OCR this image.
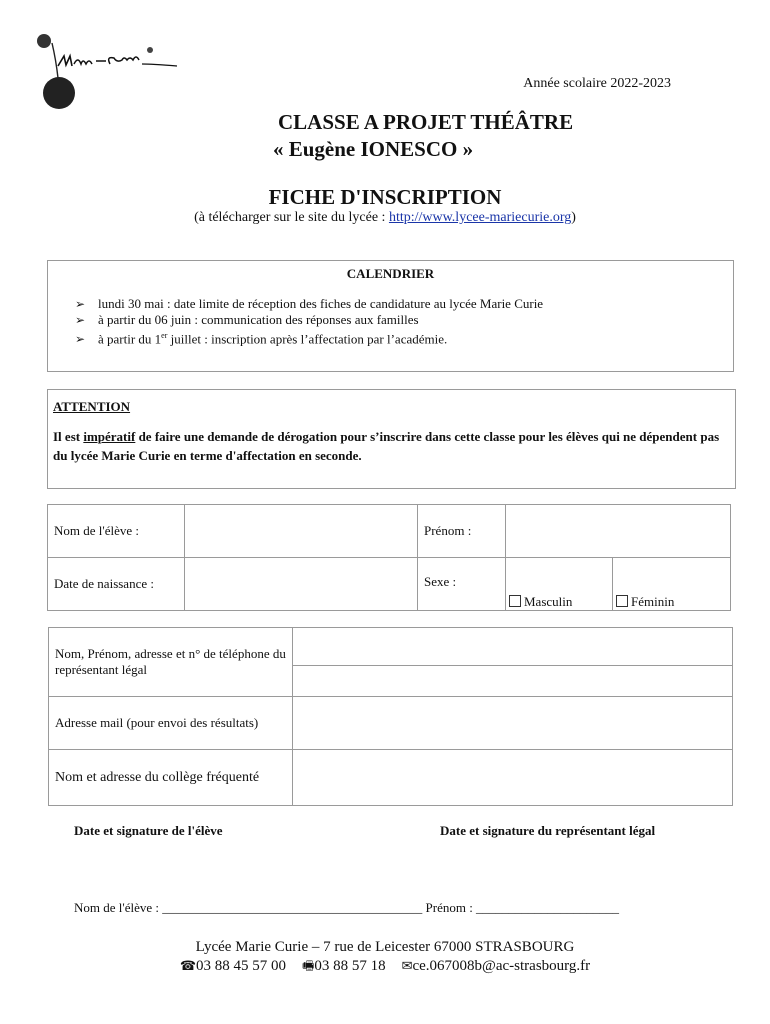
Année scolaire 2022-2023
CLASSE A PROJET THÉÂTRE
« Eugène IONESCO »
FICHE D'INSCRIPTION
(à télécharger sur le site du lycée : http://www.lycee-mariecurie.org)
CALENDRIER
➢ lundi 30 mai : date limite de réception des fiches de candidature au lycée Marie Curie
➢ à partir du 06 juin : communication des réponses aux familles
➢ à partir du 1er juillet : inscription après l’affectation par l’académie.
ATTENTION
Il est impératif de faire une demande de dérogation pour s’inscrire dans cette classe pour les élèves qui ne dépendent pas du lycée Marie Curie en terme d'affectation en seconde.
Nom de l'élève :		Prénom :		
Date de naissance :		Sexe :	Masculin	Féminin
Nom, Prénom, adresse et n° de téléphone du représentant légal	

Adresse mail (pour envoi des résultats)	
Nom et adresse du collège fréquenté	
Date et signature de l'élève	Date et signature du représentant légal
Nom de l'élève : ________________________________________ Prénom : ______________________
Lycée Marie Curie – 7 rue de Leicester 67000 STRASBOURG
☎03 88 45 57 00 🖷03 88 57 18 ✉ce.067008b@ac-strasbourg.fr
